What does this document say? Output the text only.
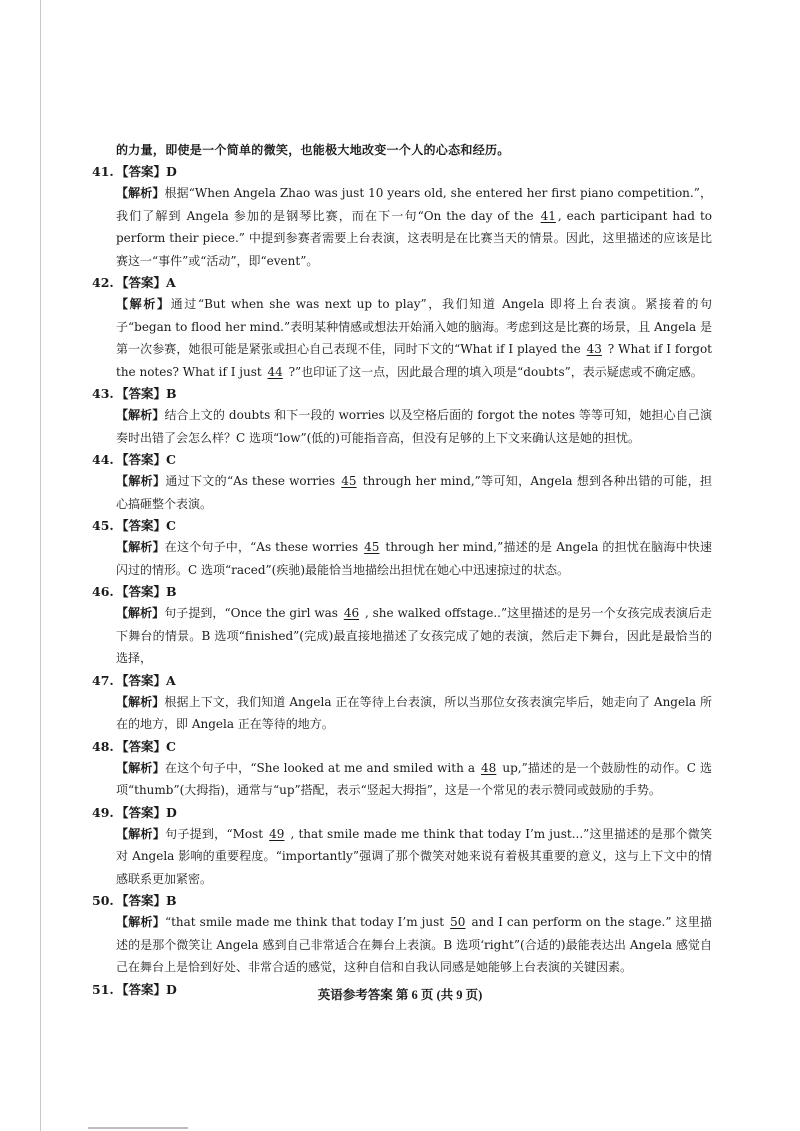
的力量，即使是一个简单的微笑，也能极大地改变一个人的心态和经历。
41. 【答案】D
【解析】根据“When Angela Zhao was just 10 years old, she entered her first piano competition.”，我们了解到 Angela 参加的是钢琴比赛，而在下一句“On the day of the 41 , each participant had to perform their piece.” 中提到参赛者需要上台表演，这表明是在比赛当天的情景。因此，这里描述的应该是比赛这一“事件”或“活动”，即“event”。
42. 【答案】A
【解析】通过“But when she was next up to play”，我们知道 Angela 即将上台表演。紧接着的句子“began to flood her mind.”表明某种情感或想法开始涌入她的脑海。考虑到这是比赛的场景，且 Angela 是第一次参赛，她很可能是紧张或担心自己表现不佳，同时下文的“What if I played the 43 ? What if I forgot the notes? What if I just 44 ?”也印证了这一点，因此最合理的填入项是“doubts”，表示疑虑或不确定感。
43. 【答案】B
【解析】结合上文的 doubts 和下一段的 worries 以及空格后面的 forgot the notes 等等可知，她担心自己演奏时出错了会怎么样？C 选项“low”(低的)可能指音高，但没有足够的上下文来确认这是她的担忧。
44. 【答案】C
【解析】通过下文的“As these worries 45 through her mind,”等可知，Angela 想到各种出错的可能，担心搞砸整个表演。
45. 【答案】C
【解析】在这个句子中，“As these worries 45 through her mind,”描述的是 Angela 的担忧在脑海中快速闪过的情形。C 选项“raced”(疾驰)最能恰当地描绘出担忧在她心中迅速掠过的状态。
46. 【答案】B
【解析】句子提到，“Once the girl was 46 , she walked offstage..”这里描述的是另一个女孩完成表演后走下舞台的情景。B 选项“finished”(完成)最直接地描述了女孩完成了她的表演，然后走下舞台，因此是最恰当的选择，
47. 【答案】A
【解析】根据上下文，我们知道 Angela 正在等待上台表演，所以当那位女孩表演完毕后，她走向了 Angela 所在的地方，即 Angela 正在等待的地方。
48. 【答案】C
【解析】在这个句子中，“She looked at me and smiled with a 48 up,”描述的是一个鼓励性的动作。C 选项“thumb”(大拇指)，通常与“up”搭配，表示“竖起大拇指”，这是一个常见的表示赞同或鼓励的手势。
49. 【答案】D
【解析】句子提到，“Most 49 , that smile made me think that today I’m just...”这里描述的是那个微笑对 Angela 影响的重要程度。“importantly”强调了那个微笑对她来说有着极其重要的意义，这与上下文中的情感联系更加紧密。
50. 【答案】B
【解析】“that smile made me think that today I’m just 50 and I can perform on the stage.” 这里描述的是那个微笑让 Angela 感到自己非常适合在舞台上表演。B 选项‘right”(合适的)最能表达出 Angela 感觉自己在舞台上是恰到好处、非常合适的感觉，这种自信和自我认同感是她能够上台表演的关键因素。
51. 【答案】D	英语参考答案 第 6 页 (共 9 页)
